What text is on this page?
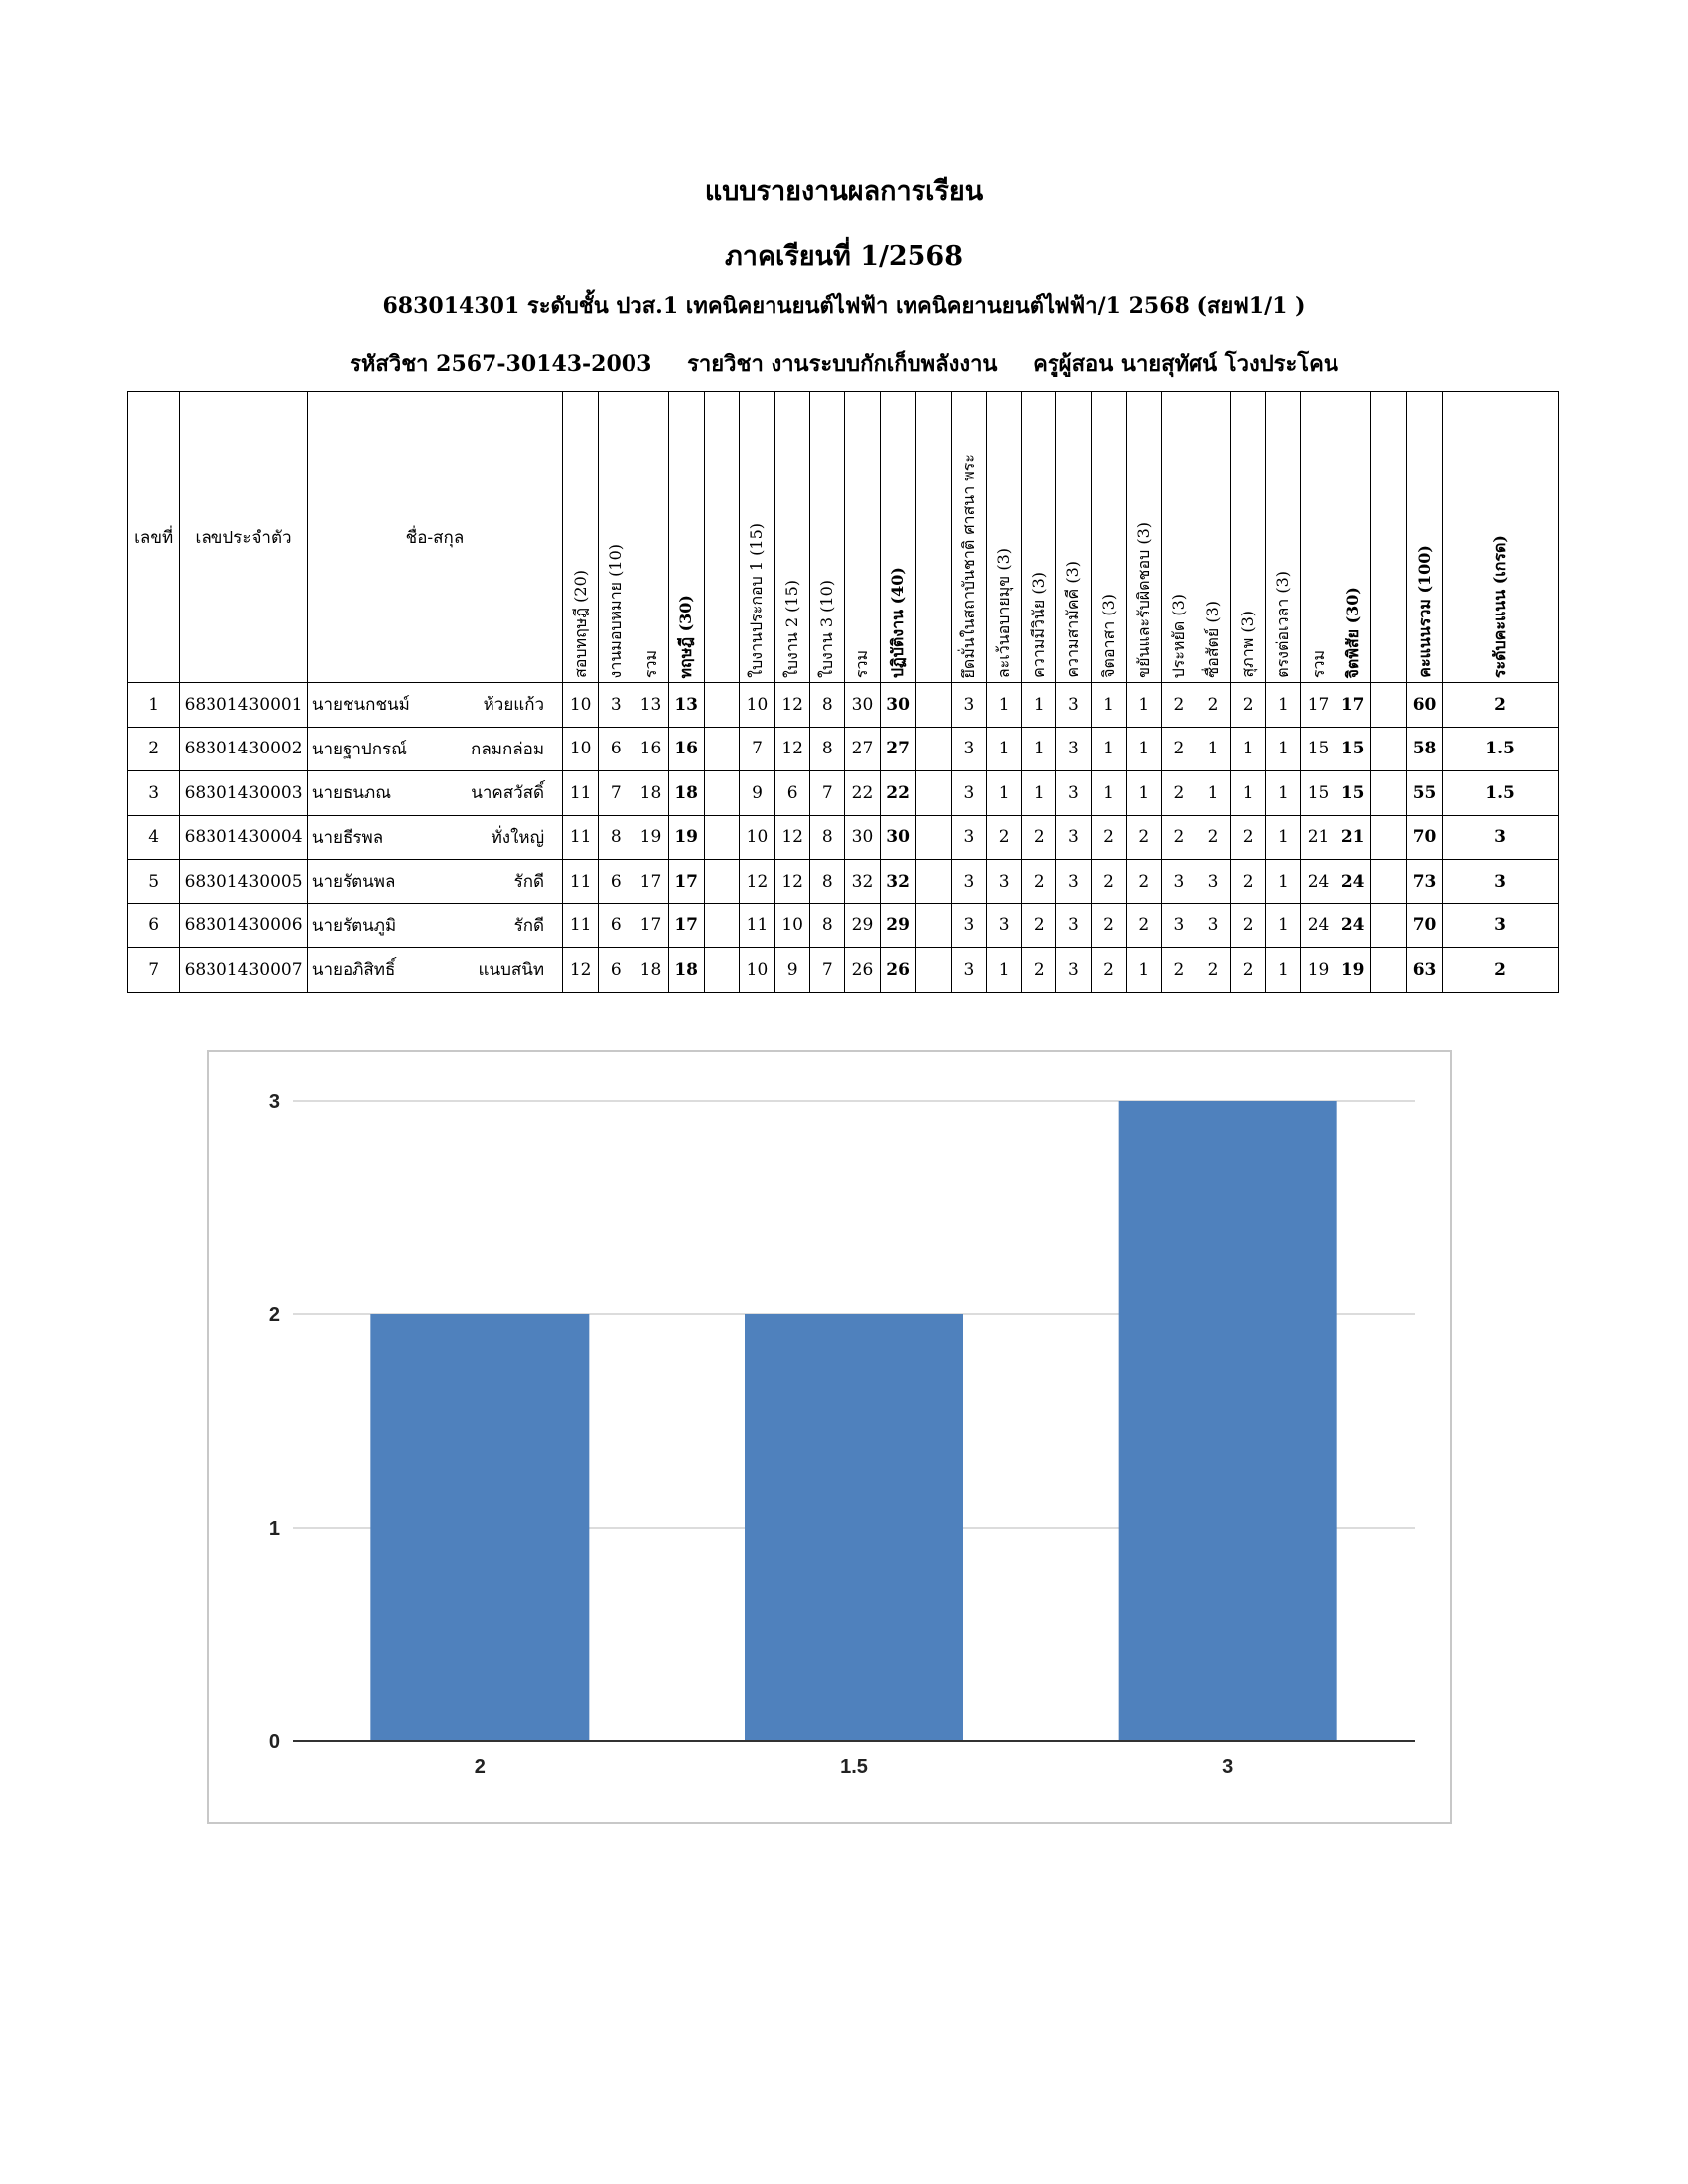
แบบรายงานผลการเรียน
ภาคเรียนที่ 1/2568
683014301 ระดับชั้น ปวส.1 เทคนิคยานยนต์ไฟฟ้า เทคนิคยานยนต์ไฟฟ้า/1 2568 (สยฟ1/1 )
รหัสวิชา 2567-30143-2003 รายวิชา งานระบบกักเก็บพลังงาน ครูผู้สอน นายสุทัศน์ โวงประโคน
เลขที่	เลขประจำตัว	ชื่อ-สกุล	สอบทฤษฎี (20)	งานมอบหมาย (10)	รวม	ทฤษฎี (30)		ใบงานประกอบ 1 (15)	ใบงาน 2 (15)	ใบงาน 3 (10)	รวม	ปฏิบัติงาน (40)		ยึดมั่นในสถาบันชาติ ศาสนา พระ	ละเว้นอบายมุข (3)	ความมีวินัย (3)	ความสามัคคี (3)	จิตอาสา (3)	ขยันและรับผิดชอบ (3)	ประหยัด (3)	ซื่อสัตย์ (3)	สุภาพ (3)	ตรงต่อเวลา (3)	รวม	จิตพิสัย (30)		คะแนนรวม (100)	ระดับคะแนน (เกรด)

1	68301430001	นายชนกชนม์ ห้วยแก้ว	10	3	13	13		10	12	8	30	30		3	1	1	3	1	1	2	2	2	1	17	17		60	2
2	68301430002	นายฐาปกรณ์ กลมกล่อม	10	6	16	16		7	12	8	27	27		3	1	1	3	1	1	2	1	1	1	15	15		58	1.5
3	68301430003	นายธนภณ นาคสวัสดิ์	11	7	18	18		9	6	7	22	22		3	1	1	3	1	1	2	1	1	1	15	15		55	1.5
4	68301430004	นายธีรพล ทั่งใหญ่	11	8	19	19		10	12	8	30	30		3	2	2	3	2	2	2	2	2	1	21	21		70	3
5	68301430005	นายรัตนพล รักดี	11	6	17	17		12	12	8	32	32		3	3	2	3	2	2	3	3	2	1	24	24		73	3
6	68301430006	นายรัตนภูมิ รักดี	11	6	17	17		11	10	8	29	29		3	3	2	3	2	2	3	3	2	1	24	24		70	3
7	68301430007	นายอภิสิทธิ์ แนบสนิท	12	6	18	18		10	9	7	26	26		3	1	2	3	2	1	2	2	2	1	19	19		63	2
0
1
2
3
2	1.5	3
